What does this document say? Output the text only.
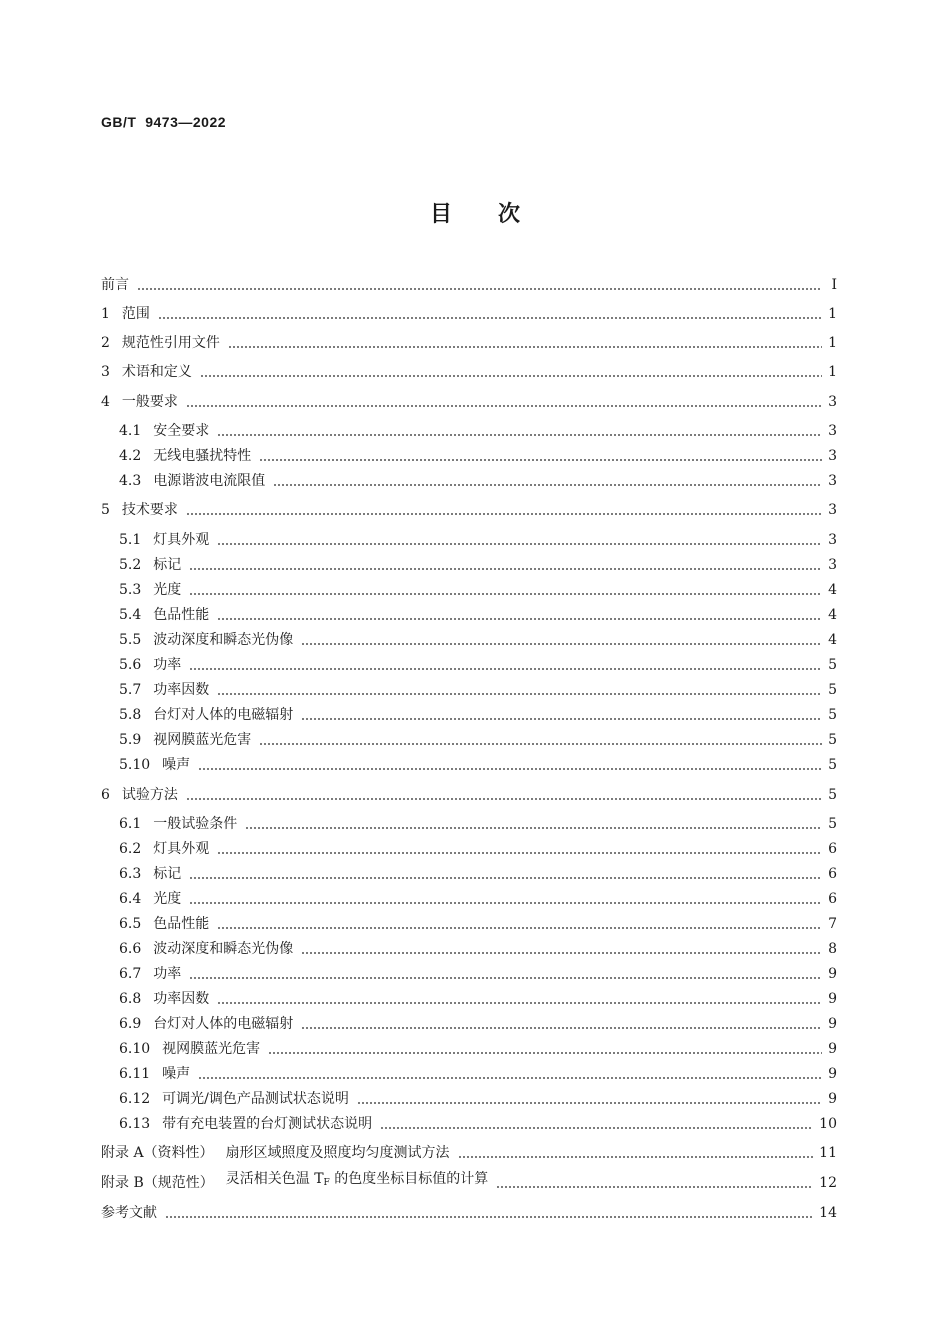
GB/T  9473—2022
目次
前言	Ⅰ
1 范围	1
2 规范性引用文件	1
3 术语和定义	1
4 一般要求	3
4.1 安全要求	3
4.2 无线电骚扰特性	3
4.3 电源谐波电流限值	3
5 技术要求	3
5.1 灯具外观	3
5.2 标记	3
5.3 光度	4
5.4 色品性能	4
5.5 波动深度和瞬态光伪像	4
5.6 功率	5
5.7 功率因数	5
5.8 台灯对人体的电磁辐射	5
5.9 视网膜蓝光危害	5
5.10 噪声	5
6 试验方法	5
6.1 一般试验条件	5
6.2 灯具外观	6
6.3 标记	6
6.4 光度	6
6.5 色品性能	7
6.6 波动深度和瞬态光伪像	8
6.7 功率	9
6.8 功率因数	9
6.9 台灯对人体的电磁辐射	9
6.10 视网膜蓝光危害	9
6.11 噪声	9
6.12 可调光/调色产品测试状态说明	9
6.13 带有充电装置的台灯测试状态说明	10
附录 A（资料性） 扇形区域照度及照度均匀度测试方法	11
附录 B（规范性） 灵活相关色温 $T_F$ 的色度坐标目标值的计算	12
参考文献	14
